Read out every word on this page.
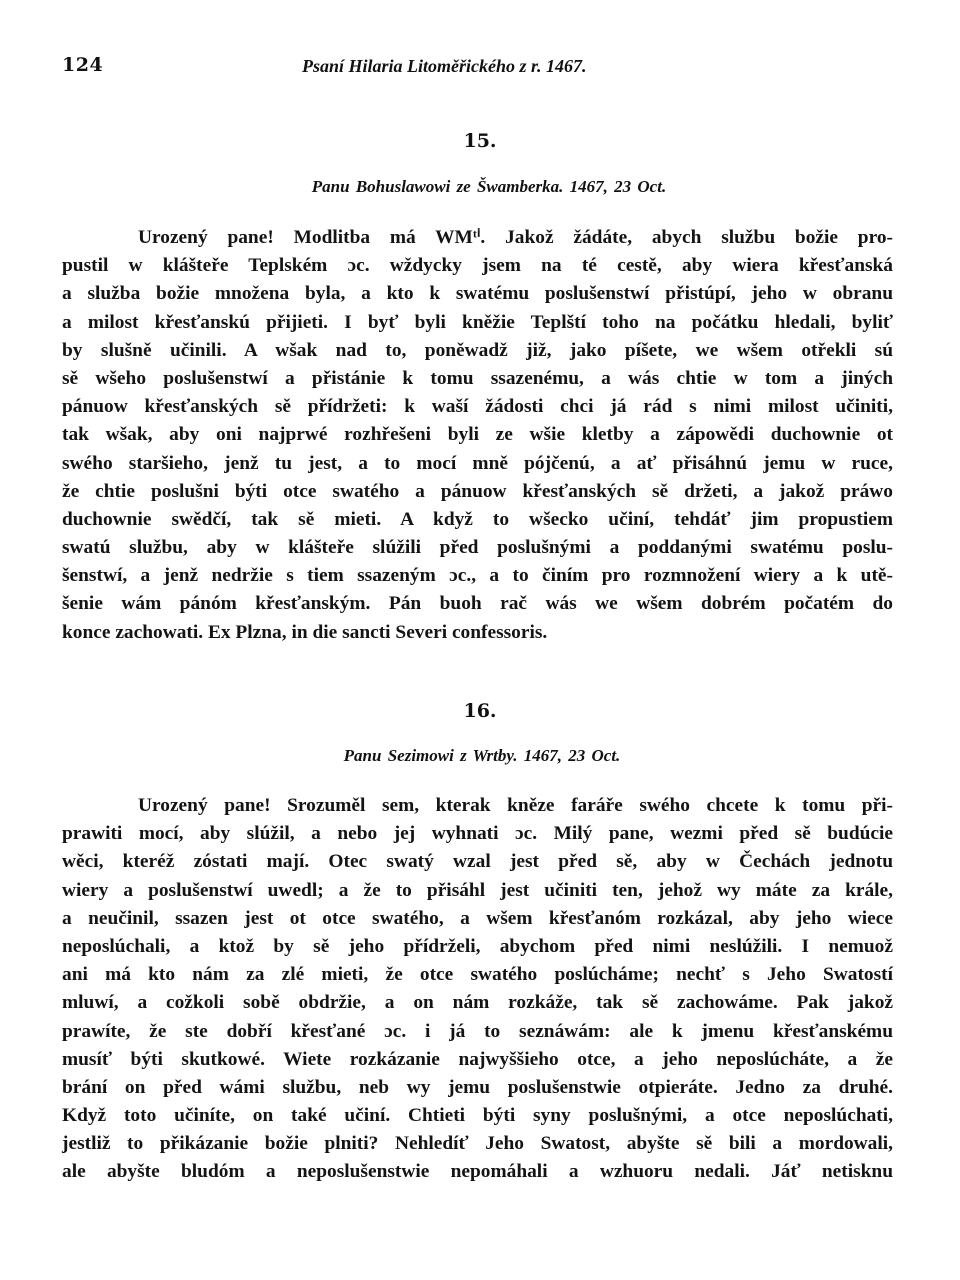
124	Psaní Hilaria Litoměřického z r. 1467.
15.
Panu Bohuslawowi ze Šwamberka. 1467, 23 Oct.
Urozený pane! Modlitba má WMᵗⁱ. Jakož žádáte, abych službu božie pro-
pustil w klášteře Teplském ɔc. wždycky jsem na té cestě, aby wiera křesťanská
a služba božie množena byla, a kto k swatému poslušenstwí přistúpí, jeho w obranu
a milost křesťanskú přijieti. I byť byli kněžie Teplští toho na počátku hledali, byliť
by slušně učinili. A wšak nad to, poněwadž již, jako píšete, we wšem otřekli sú
sě wšeho poslušenstwí a přistánie k tomu ssazenému, a wás chtie w tom a jiných
pánuow křesťanských sě přídržeti: k waší žádosti chci já rád s nimi milost učiniti,
tak wšak, aby oni najprwé rozhřešeni byli ze wšie kletby a zápowědi duchownie ot
swého staršieho, jenž tu jest, a to mocí mně pójčenú, a ať přisáhnú jemu w ruce,
že chtie poslušni býti otce swatého a pánuow křesťanských sě držeti, a jakož práwo
duchownie swědčí, tak sě mieti. A když to wšecko učiní, tehdáť jim propustiem
swatú službu, aby w klášteře slúžili před poslušnými a poddanými swatému poslu-
šenstwí, a jenž nedržie s tiem ssazeným ɔc., a to činím pro rozmnožení wiery a k utě-
šenie wám pánóm křesťanským. Pán buoh rač wás we wšem dobrém počatém do
konce zachowati. Ex Plzna, in die sancti Severi confessoris.
16.
Panu Sezimowi z Wrtby. 1467, 23 Oct.
Urozený pane! Srozuměl sem, kterak kněze faráře swého chcete k tomu při-
prawiti mocí, aby slúžil, a nebo jej wyhnati ɔc. Milý pane, wezmi před sě budúcie
wěci, kteréž zóstati mají. Otec swatý wzal jest před sě, aby w Čechách jednotu
wiery a poslušenstwí uwedl; a že to přisáhl jest učiniti ten, jehož wy máte za krále,
a neučinil, ssazen jest ot otce swatého, a wšem křesťanóm rozkázal, aby jeho wiece
neposlúchali, a ktož by sě jeho přídrželi, abychom před nimi neslúžili. I nemuož
ani má kto nám za zlé mieti, že otce swatého poslúcháme; nechť s Jeho Swatostí
mluwí, a cožkoli sobě obdržie, a on nám rozkáže, tak sě zachowáme. Pak jakož
prawíte, že ste dobří křesťané ɔc. i já to seznáwám: ale k jmenu křesťanskému
musíť býti skutkowé. Wiete rozkázanie najwyššieho otce, a jeho neposlúcháte, a že
brání on před wámi službu, neb wy jemu poslušenstwie otpieráte. Jedno za druhé.
Když toto učiníte, on také učiní. Chtieti býti syny poslušnými, a otce neposlúchati,
jestliž to přikázanie božie plniti? Nehledíť Jeho Swatost, abyšte sě bili a mordowali,
ale abyšte bludóm a neposlušenstwie nepomáhali a wzhuoru nedali. Jáť netisknu
